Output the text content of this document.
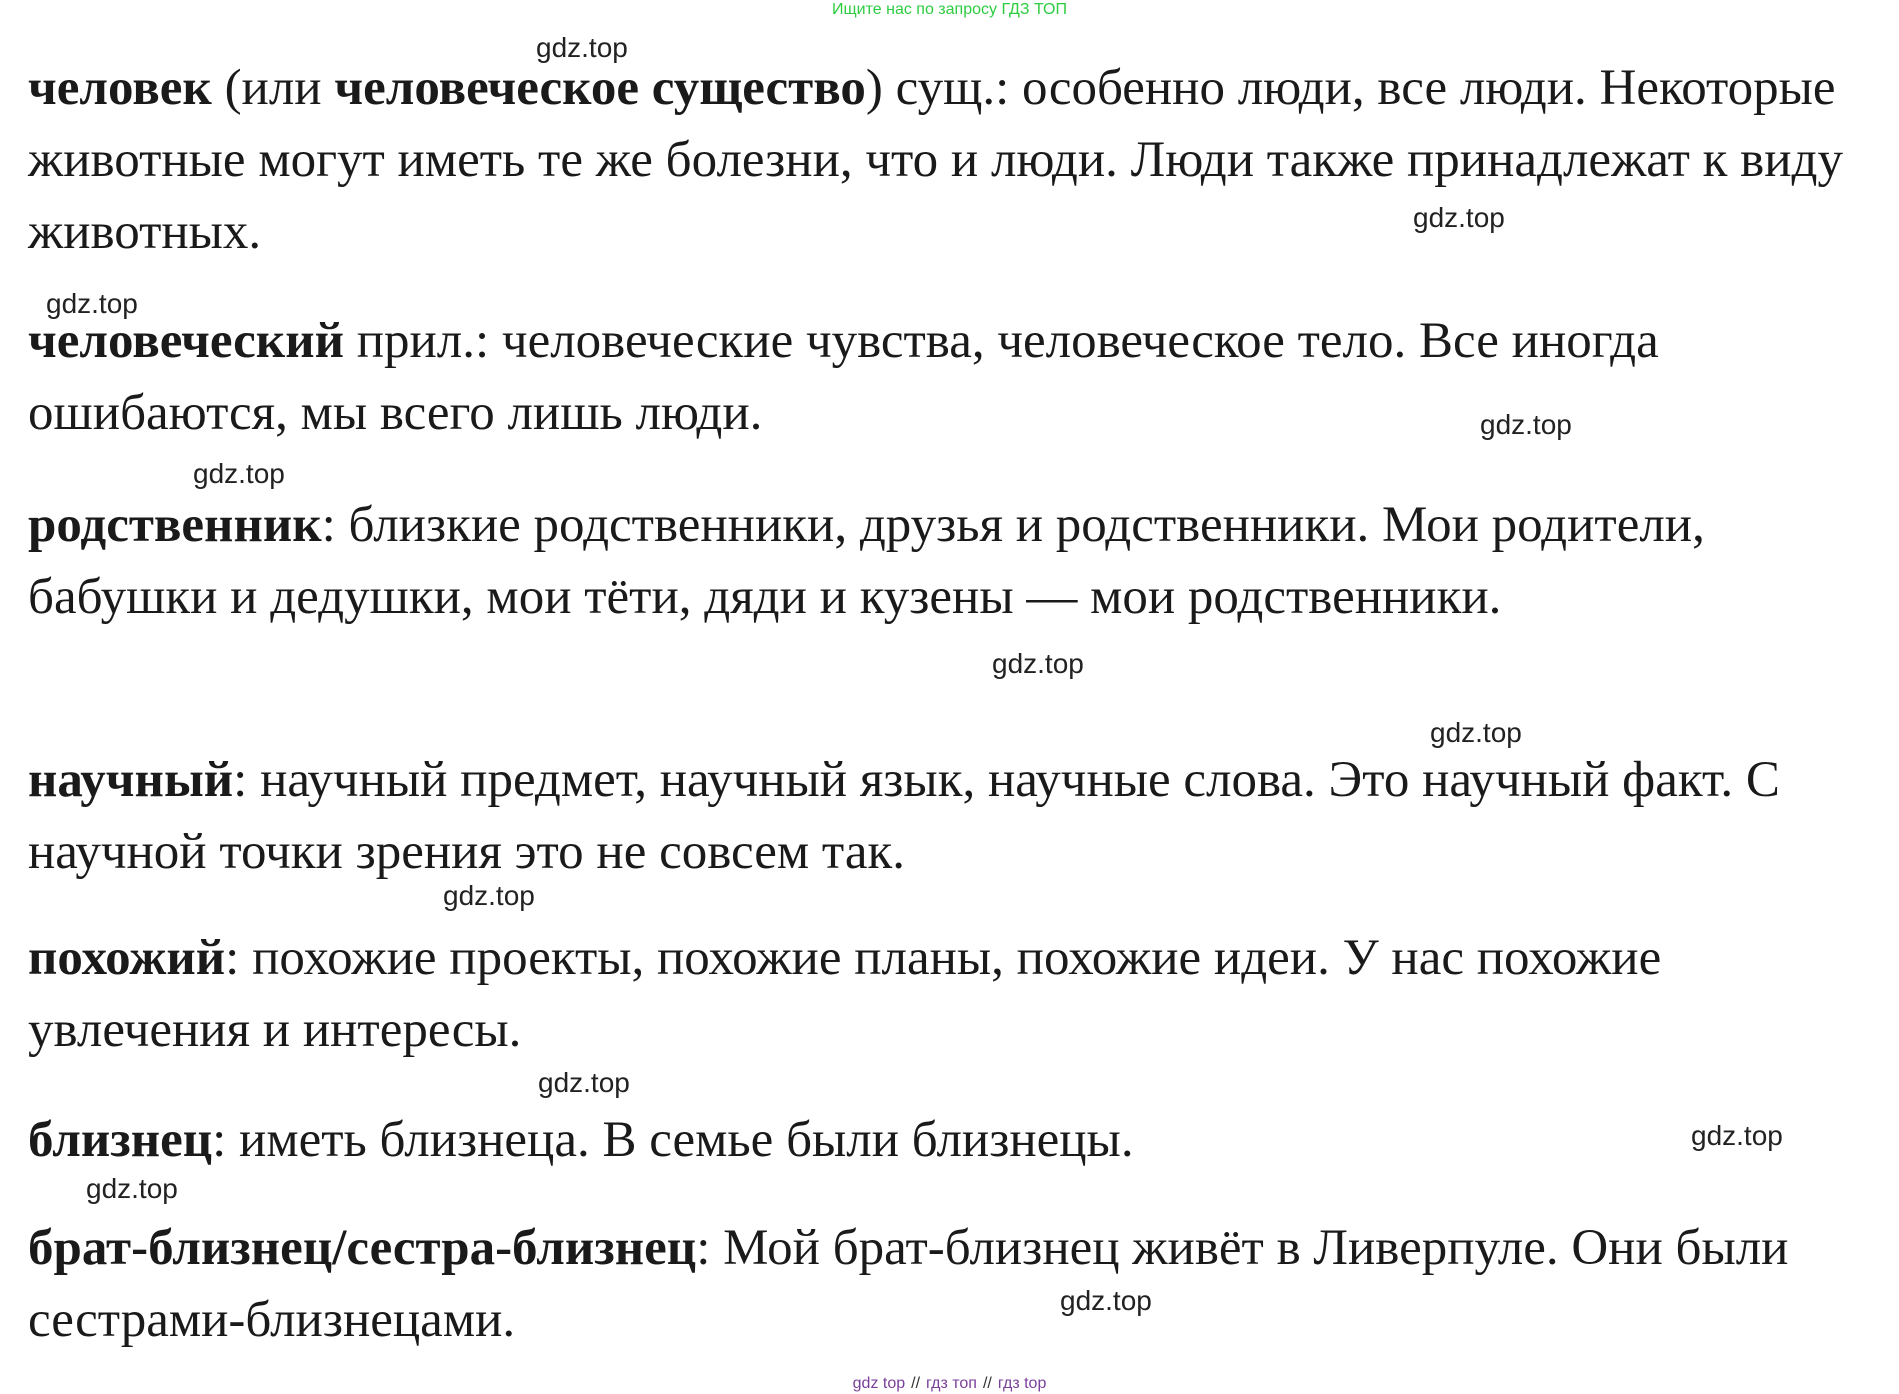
Ищите нас по запросу ГДЗ ТОП

человек (или человеческое существо) сущ.: особенно люди, все люди. Некоторые животные могут иметь те же болезни, что и люди. Люди также принадлежат к виду животных.

человеческий прил.: человеческие чувства, человеческое тело. Все иногда ошибаются, мы всего лишь люди.

родственник: близкие родственники, друзья и родственники. Мои родители, бабушки и дедушки, мои тёти, дяди и кузены — мои родственники.

научный: научный предмет, научный язык, научные слова. Это научный факт. С научной точки зрения это не совсем так.

похожий: похожие проекты, похожие планы, похожие идеи. У нас похожие увлечения и интересы.

близнец: иметь близнеца. В семье были близнецы.

брат-близнец/сестра-близнец: Мой брат-близнец живёт в Ливерпуле. Они были сестрами-близнецами.

gdz.top
gdz.top
gdz.top
gdz.top
gdz.top
gdz.top
gdz.top
gdz.top
gdz.top
gdz.top
gdz.top
gdz.top
gdz top // гдз топ // гдз top
